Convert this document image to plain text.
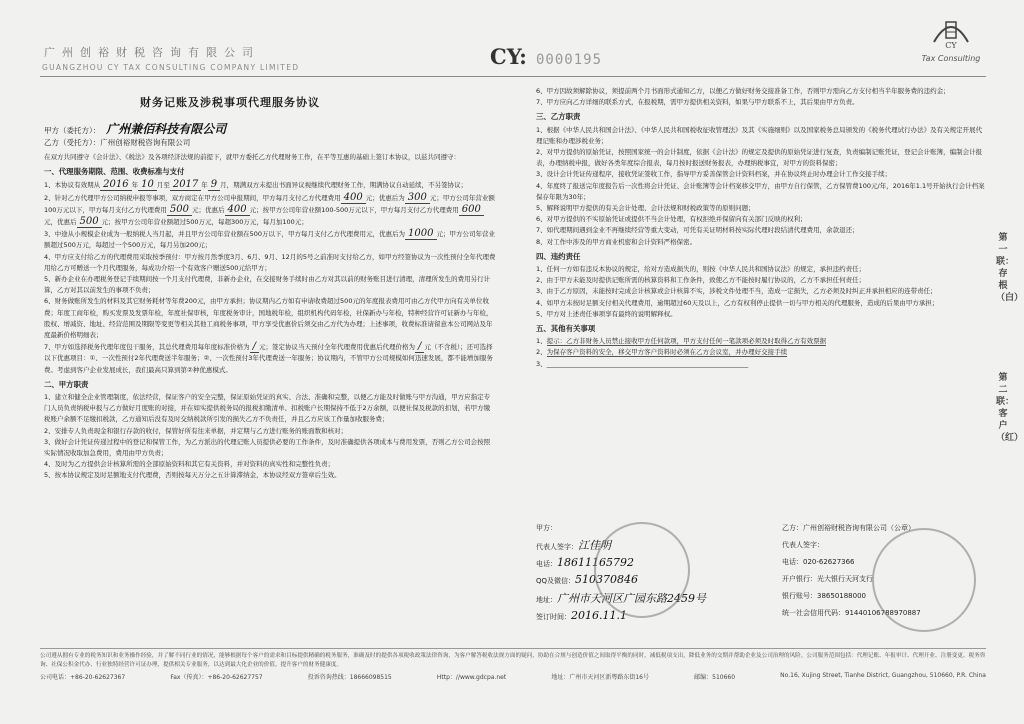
广州创裕财税咨询有限公司
GUANGZHOU CY TAX CONSULTING COMPANY LIMITED	CY: 0000195
CY
Tax Consulting
财务记账及涉税事项代理服务协议
甲方（委托方）： 广州兼佰科技有限公司
乙方（受托方）：广州创裕财税咨询有限公司

在双方共同遵守《会计法》、《税法》及各项经济法规的前提下，就甲方委托乙方代理财务工作，在平等互惠的基础上签订本协议，以兹共同遵守：

一、代理服务期限、范围、收费标准与支付

1、本协议有效期从 2016 年 10 月至 2017 年 9 月，期满双方未提出书面异议视继续代理财务工作，期满协议自动延续，不另签协议；

2、针对乙方代理甲方公司纳税申报等事项，双方商定在甲方公司申报期间，甲方每月支付乙方代理费用 400 元；优惠后为 300 元；甲方公司年营业额100万元以下，甲方每月支付乙方代理费用 500 元；优惠后 400 元；按甲方公司年营业额100-500万元以下，甲方每月支付乙方代理费用 600元，优惠后 500 元；按甲方公司年营业额超过500万元，每超300万元，每月加100元；

3、中途从小规模企业成为一般纳税人当月起，并且甲方公司年营业额在500万以下，甲方每月支付乙方代理费用元，优惠后为 1000 元；甲方公司年营业额超过500万元，每超过一个500万元，每月另加200元；

4、甲方应支付给乙方的代理费用采取按季预付：甲方按月然季度3月、6月、9月、12月的5号之前准时支付给乙方，如甲方经签协议为一次性预付全年代理费用给乙方可赠送一个月代理服务，每成功介绍一个有效客户赠送500元给甲方；

5、新办企业在办理税务登记手续期间按一个月支付代理费，非新办企业，在交接财务手续时由乙方对其以前的财务账目进行清理，清理所发生的费用另行计算，乙方对其以前发生的事项不负责；

6、财务做账所发生的材料及其它财务耗材等年费200元，由甲方承担；协议期内乙方如有申请收费超过500元的年度报表费用可由乙方代甲方向有关单位收费；年度工商年检，购买发票及发票年检，年度社保审核，年度税务审计，国地税年检，组织机构代码年检，社保新办与年检，特种经营许可证新办与年检，股权、增减资、地址、经营范围及期限等变更等相关其他工商税务事项，甲方享受优惠价后须交由乙方代为办理；上述事项，收费标准请留意本公司网站及年度最新价格明细表；

7、甲方如选择税务代理年度包干服务，其总代理费用每年度标准价格为 / 元；签定协议当天预付全年代理费用优惠后代理价格为 / 元（不含税）；还可选择以下优惠项目：①、一次性预付2年代理费送半年服务；②、一次性预付3年代理费送一年服务；协议期内，不管甲方公司规模如何迅速发展，都不能增加服务费。考虑到客户企业发展成长，我们最高只算到第②种优惠模式。

二、甲方职责

1、建立和健全企业管理制度，依法经营，保证客户的安全完整，保证原始凭证的真实、合法、准确和完整，以便乙方能及时做账与甲方沟通，甲方应指定专门人员负责纳税申报与乙方做好月度账的对接，并在如实提供税务局的报税扣缴清单、扣税账户长期保持不低于2万余额，以便社保及税款的扣划，若甲方缴税账户余额不足缴扣税款，乙方通知后没有及时交纳税款所引发的损失乙方不负责任，并且乙方应该工作量加收服务费；

2、安排专人负责现金和银行存款的收付，保管好所有往来单据，并定期与乙方进行账务的账面数和核对；

3、做好会计凭证传递过程中的登记和保管工作，为乙方派出的代理记账人员提供必要的工作条件，及时准确提供各项成本与费用发票，否则乙方公司会按照实际情况收取加急费用，费用由甲方负责；

4、及时为乙方提供会计核算所需的全部原始资料和其它有关资料，并对资料的真实性和完整性负责；

5、按本协议规定及时足额地支付代理费，否则按每天万分之五计算滞纳金，本协议经双方签章后生效。

6、甲方因故须解除协议，须提前两个月书面形式通知乙方，以便乙方做好财务交接准备工作，否则甲方需向乙方支付相当半年服务费的违约金；

7、甲方应向乙方详细的联系方式，在报税期，需甲方提供相关资料，如果与甲方联系不上，其后果由甲方负责。

三、乙方职责

1、根据《中华人民共和国会计法》、《中华人民共和国税收征收管理法》及其《实施细则》以及国家税务总局颁发的《税务代理试行办法》及有关规定开展代理记账和办理涉税业务；

2、对甲方提供的原始凭证，按照国家统一的会计制度，依据《会计法》的规定及提供的原始凭证进行复查，负责编制记账凭证，登记会计账簿，编制会计报表，办理纳税申报，做好各类年度综合报表，每月按时报送财务报表，办理纳税事宜，对甲方的资料保密；

3、设计会计凭证传递程序，接收凭证签收工作，指导甲方妥善保管会计资料档案，并在协议终止时办理会计工作交接手续；

4、年度终了报送完年度报告后一次性将会计凭证、会计账簿等会计档案移交甲方，由甲方自行保管，乙方保管费100元/年，2016年1.1号开始执行会计档案保存年限为30年；

5、解释说明甲方提供的有关会计处理、会计法规和财税政策等的原则问题；

6、对甲方提供的不实原始凭证或提供不当会计处理，有权拒绝并保留向有关部门反映的权利；

7、如代理期间遇到金业不再继续经营等重大变动，可凭有关证明材料按实际代理时段结清代理费用，余款退还；

8、对工作中涉及的甲方商业机密和会计资料严格保密。

四、违约责任

1、任何一方如有违反本协议的规定，给对方造成损失的，则按《中华人民共和国协议法》的规定，承担违约责任；

2、由于甲方未能及时提供记账所需的核算资料和工作条件，致使乙方不能按时履行协议的，乙方不承担任何责任；

3、由于乙方原因，未能按时完成会计核算或会计核算不实，涉税文件处理不当，造成一定损失，乙方必须及时纠正并承担相应的连带责任；

4、如甲方未按时足额支付相关代理费用，逾期超过60天及以上，乙方有权利停止提供一切与甲方相关的代理服务，造成的后果由甲方承担；

5、甲方对上述责任事项享有最终的说明解释权。

五、其他有关事项

1、提示：乙方非财务人员禁止接收甲方任何款项，甲方支付任何一笔款项必须及时取得乙方有效票据

2、为保存客户资料的安全，移交甲方客户资料时必须在乙方会议室，并办理好交接手续

3、______________________________________________________________

第一联：存根（白）
第二联：客户（红）
甲方：
代表人签字：江佳明
电话：18611165792
QQ及微信：510370846
地址：广州市天河区广园东路2459号
签订时间：2016.11.1
乙方：广州创裕财税咨询有限公司（公章）
代表人签字：
电话：020-62627366
开户银行：光大银行天河支行
银行账号：38650188000
统一社会信用代码：91440106788970887
公司遵从拥有专业的税务知识和业务操作经验，并了解不同行业的情况，能够根据每个客户的需求和目标提供精确的税务服务，准确及时的提供各项税收政策法律咨询，为客户解答税收法规方面的疑问，协助在合规与创造价值之间取得平衡的同时，减低税项支出，降低业务的交期并帮助企业及公司治理的风险。公司服务范围包括：代理记账、年报审计、代理开业、注册变更、税务咨询、社保公积金代办、行业独特经营许可证办理，提供相关专业服务，以达到最大化企业的价值，提升客户的财务健康度。
公司电话：+86-20-62627367	Fax（传真）：+86-20-62627757	投诉咨询热线：18666098515	Http：//www.gdcpa.net	地址：广州市天河区新粤路东街16号	邮编：510660	No.16, Xujing Street, Tianhe District, Guangzhou, 510660, P.R. China
